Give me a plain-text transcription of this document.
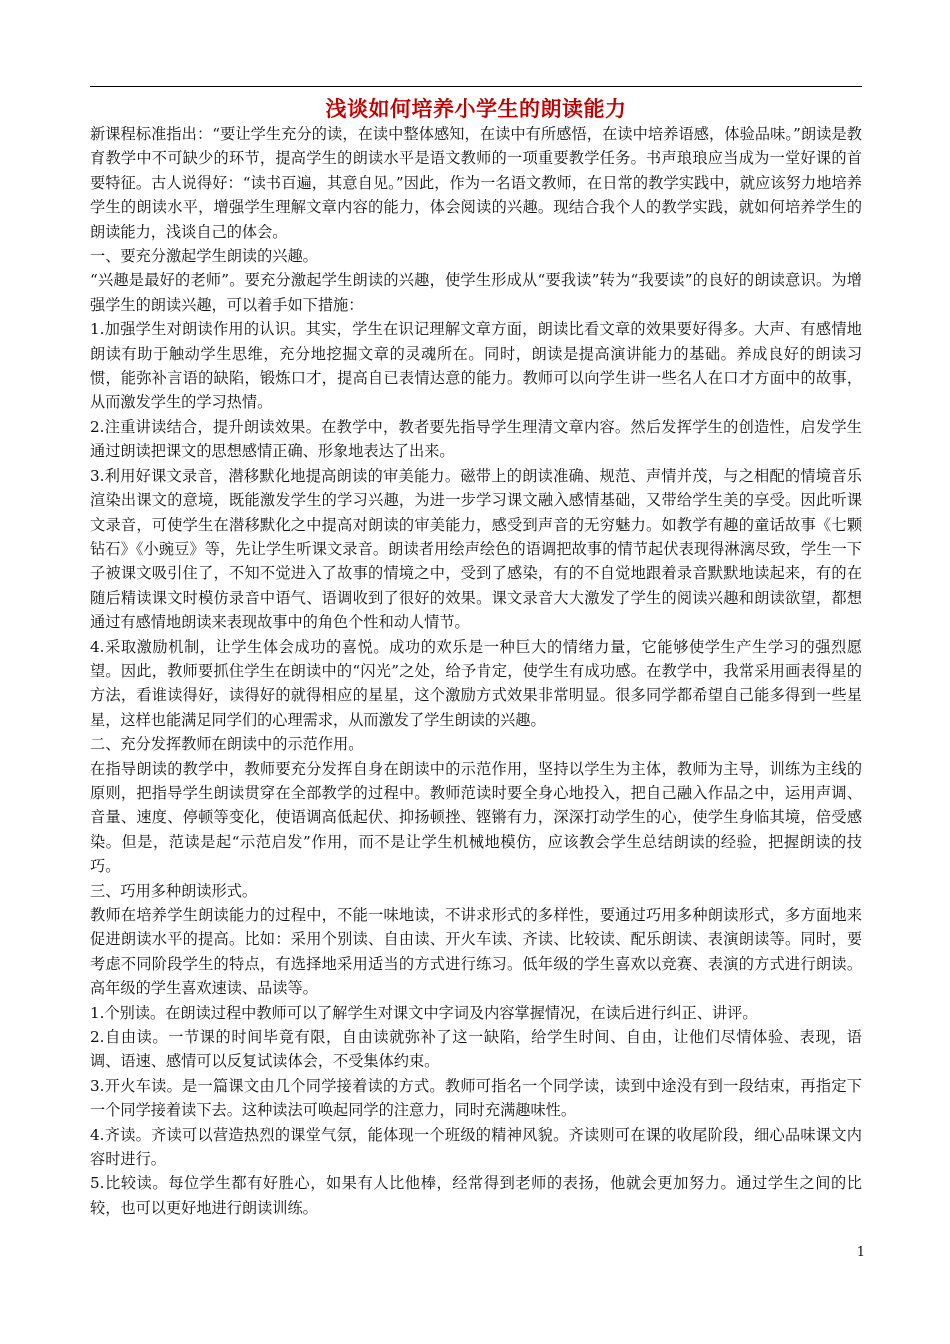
浅谈如何培养小学生的朗读能力

新课程标准指出：“要让学生充分的读，在读中整体感知，在读中有所感悟，在读中培养语感，体验品味。”朗读是教育教学中不可缺少的环节，提高学生的朗读水平是语文教师的一项重要教学任务。书声琅琅应当成为一堂好课的首要特征。古人说得好：“读书百遍，其意自见。”因此，作为一名语文教师，在日常的教学实践中，就应该努力地培养学生的朗读水平，增强学生理解文章内容的能力，体会阅读的兴趣。现结合我个人的教学实践，就如何培养学生的朗读能力，浅谈自己的体会。

一、要充分激起学生朗读的兴趣。

“兴趣是最好的老师”。要充分激起学生朗读的兴趣，使学生形成从“要我读”转为“我要读”的良好的朗读意识。为增强学生的朗读兴趣，可以着手如下措施：

1.加强学生对朗读作用的认识。其实，学生在识记理解文章方面，朗读比看文章的效果要好得多。大声、有感情地朗读有助于触动学生思维，充分地挖掘文章的灵魂所在。同时，朗读是提高演讲能力的基础。养成良好的朗读习惯，能弥补言语的缺陷，锻炼口才，提高自已表情达意的能力。教师可以向学生讲一些名人在口才方面中的故事，从而激发学生的学习热情。

2.注重讲读结合，提升朗读效果。在教学中，教者要先指导学生理清文章内容。然后发挥学生的创造性，启发学生通过朗读把课文的思想感情正确、形象地表达了出来。

3.利用好课文录音，潜移默化地提高朗读的审美能力。磁带上的朗读准确、规范、声情并茂，与之相配的情境音乐渲染出课文的意境，既能激发学生的学习兴趣，为进一步学习课文融入感情基础，又带给学生美的享受。因此听课文录音，可使学生在潜移默化之中提高对朗读的审美能力，感受到声音的无穷魅力。如教学有趣的童话故事《七颗钻石》《小豌豆》等，先让学生听课文录音。朗读者用绘声绘色的语调把故事的情节起伏表现得淋漓尽致，学生一下子被课文吸引住了，不知不觉进入了故事的情境之中，受到了感染，有的不自觉地跟着录音默默地读起来，有的在随后精读课文时模仿录音中语气、语调收到了很好的效果。课文录音大大激发了学生的阅读兴趣和朗读欲望，都想通过有感情地朗读来表现故事中的角色个性和动人情节。

4.采取激励机制，让学生体会成功的喜悦。成功的欢乐是一种巨大的情绪力量，它能够使学生产生学习的强烈愿望。因此，教师要抓住学生在朗读中的“闪光”之处，给予肯定，使学生有成功感。在教学中，我常采用画表得星的方法，看谁读得好，读得好的就得相应的星星，这个激励方式效果非常明显。很多同学都希望自己能多得到一些星星，这样也能满足同学们的心理需求，从而激发了学生朗读的兴趣。

二、充分发挥教师在朗读中的示范作用。

在指导朗读的教学中，教师要充分发挥自身在朗读中的示范作用，坚持以学生为主体，教师为主导，训练为主线的原则，把指导学生朗读贯穿在全部教学的过程中。教师范读时要全身心地投入，把自己融入作品之中，运用声调、音量、速度、停顿等变化，使语调高低起伏、抑扬顿挫、铿锵有力，深深打动学生的心，使学生身临其境，倍受感染。但是，范读是起“示范启发”作用，而不是让学生机械地模仿，应该教会学生总结朗读的经验，把握朗读的技巧。

三、巧用多种朗读形式。

教师在培养学生朗读能力的过程中，不能一味地读，不讲求形式的多样性，要通过巧用多种朗读形式，多方面地来促进朗读水平的提高。比如：采用个别读、自由读、开火车读、齐读、比较读、配乐朗读、表演朗读等。同时，要考虑不同阶段学生的特点，有选择地采用适当的方式进行练习。低年级的学生喜欢以竞赛、表演的方式进行朗读。高年级的学生喜欢速读、品读等。

1.个别读。在朗读过程中教师可以了解学生对课文中字词及内容掌握情况，在读后进行纠正、讲评。

2.自由读。一节课的时间毕竟有限，自由读就弥补了这一缺陷，给学生时间、自由，让他们尽情体验、表现，语调、语速、感情可以反复试读体会，不受集体约束。

3.开火车读。是一篇课文由几个同学接着读的方式。教师可指名一个同学读，读到中途没有到一段结束，再指定下一个同学接着读下去。这种读法可唤起同学的注意力，同时充满趣味性。

4.齐读。齐读可以营造热烈的课堂气氛，能体现一个班级的精神风貌。齐读则可在课的收尾阶段，细心品味课文内容时进行。

5.比较读。每位学生都有好胜心，如果有人比他棒，经常得到老师的表扬，他就会更加努力。通过学生之间的比较，也可以更好地进行朗读训练。

1
